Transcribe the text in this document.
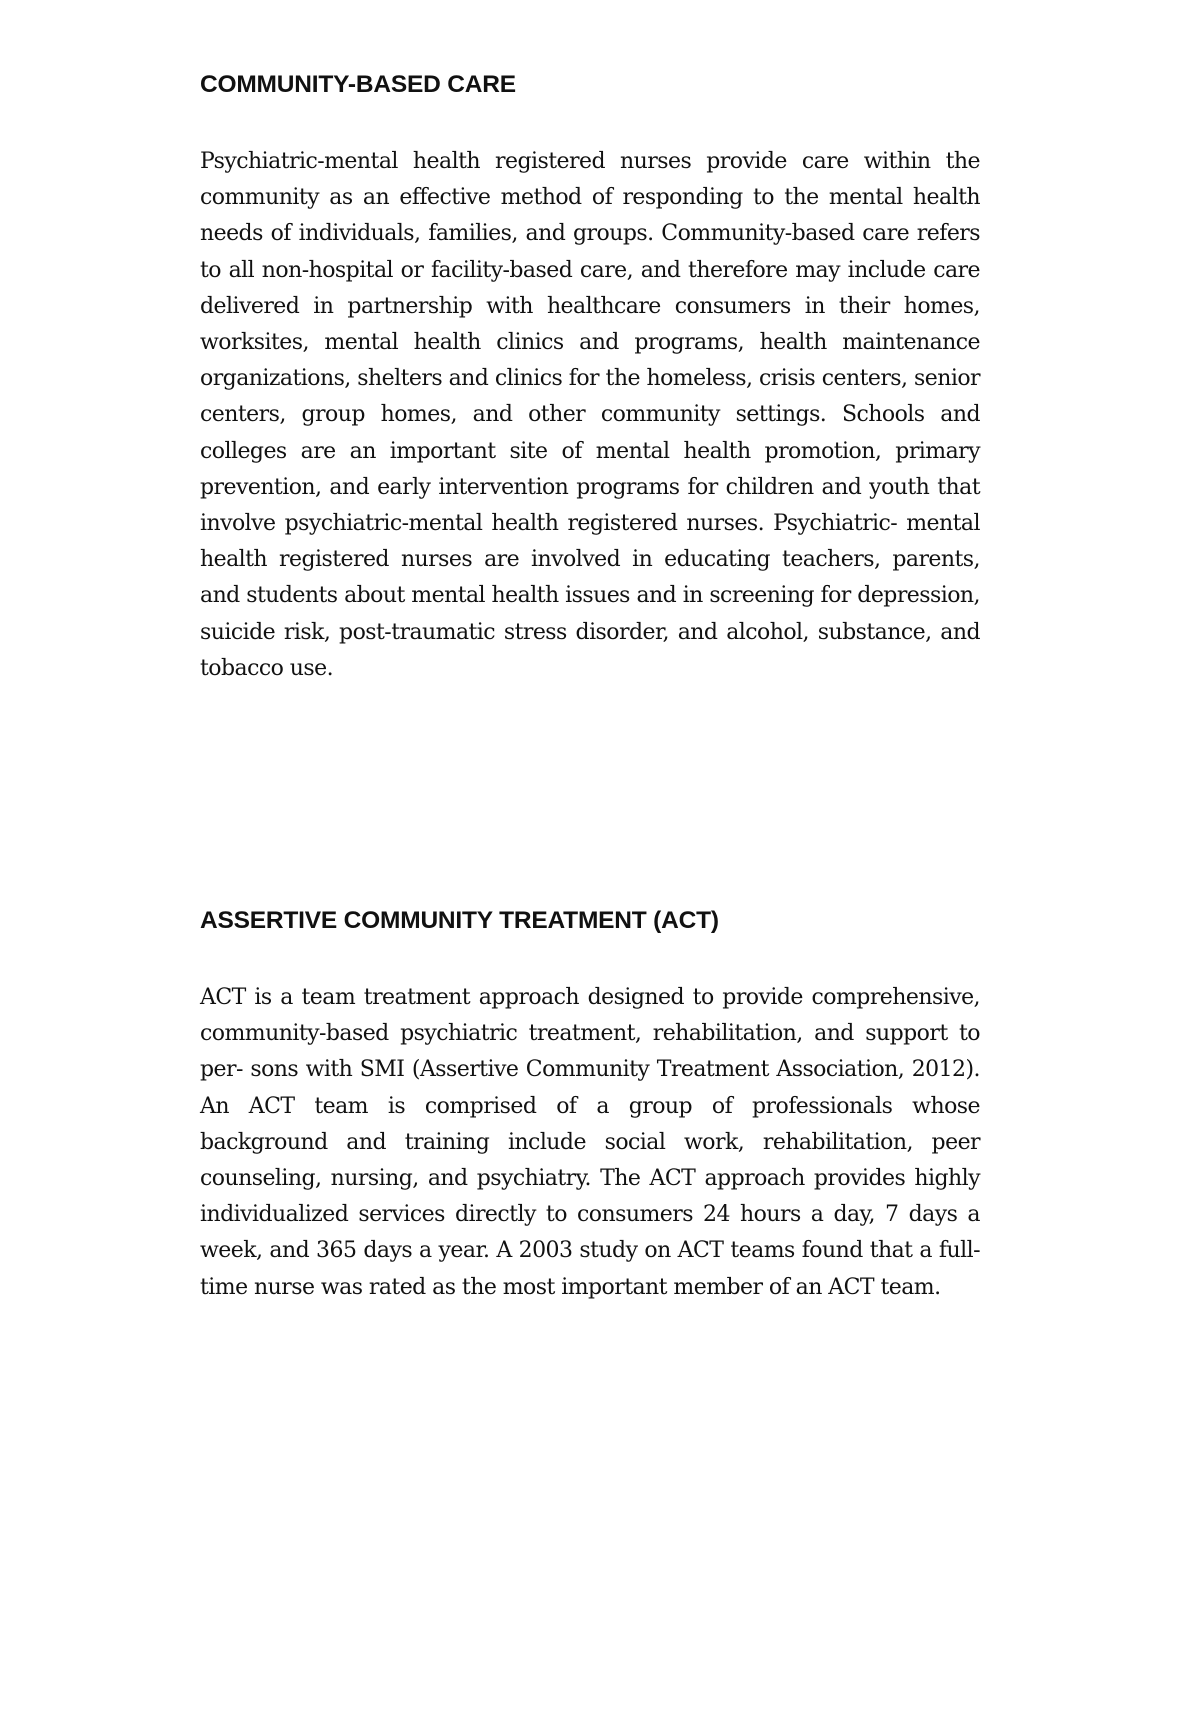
COMMUNITY-BASED CARE

Psychiatric-mental health registered nurses provide care within the community as an effective method of responding to the mental health needs of individuals, families, and groups. Community-based care refers to all non-hospital or facility-based care, and therefore may include care delivered in partnership with healthcare consumers in their homes, worksites, mental health clinics and programs, health maintenance organizations, shelters and clinics for the homeless, crisis centers, senior centers, group homes, and other community settings. Schools and colleges are an important site of mental health promotion, primary prevention, and early intervention programs for children and youth that involve psychiatric-mental health registered nurses. Psychiatric- mental health registered nurses are involved in educating teachers, parents, and students about mental health issues and in screening for depression, suicide risk, post-traumatic stress disorder, and alcohol, substance, and tobacco use.

ASSERTIVE COMMUNITY TREATMENT (ACT)

ACT is a team treatment approach designed to provide comprehensive, community-based psychiatric treatment, rehabilitation, and support to per- sons with SMI (Assertive Community Treatment Association, 2012). An ACT team is comprised of a group of professionals whose background and training include social work, rehabilitation, peer counseling, nursing, and psychiatry. The ACT approach provides highly individualized services directly to consumers 24 hours a day, 7 days a week, and 365 days a year. A 2003 study on ACT teams found that a full-time nurse was rated as the most important member of an ACT team.
